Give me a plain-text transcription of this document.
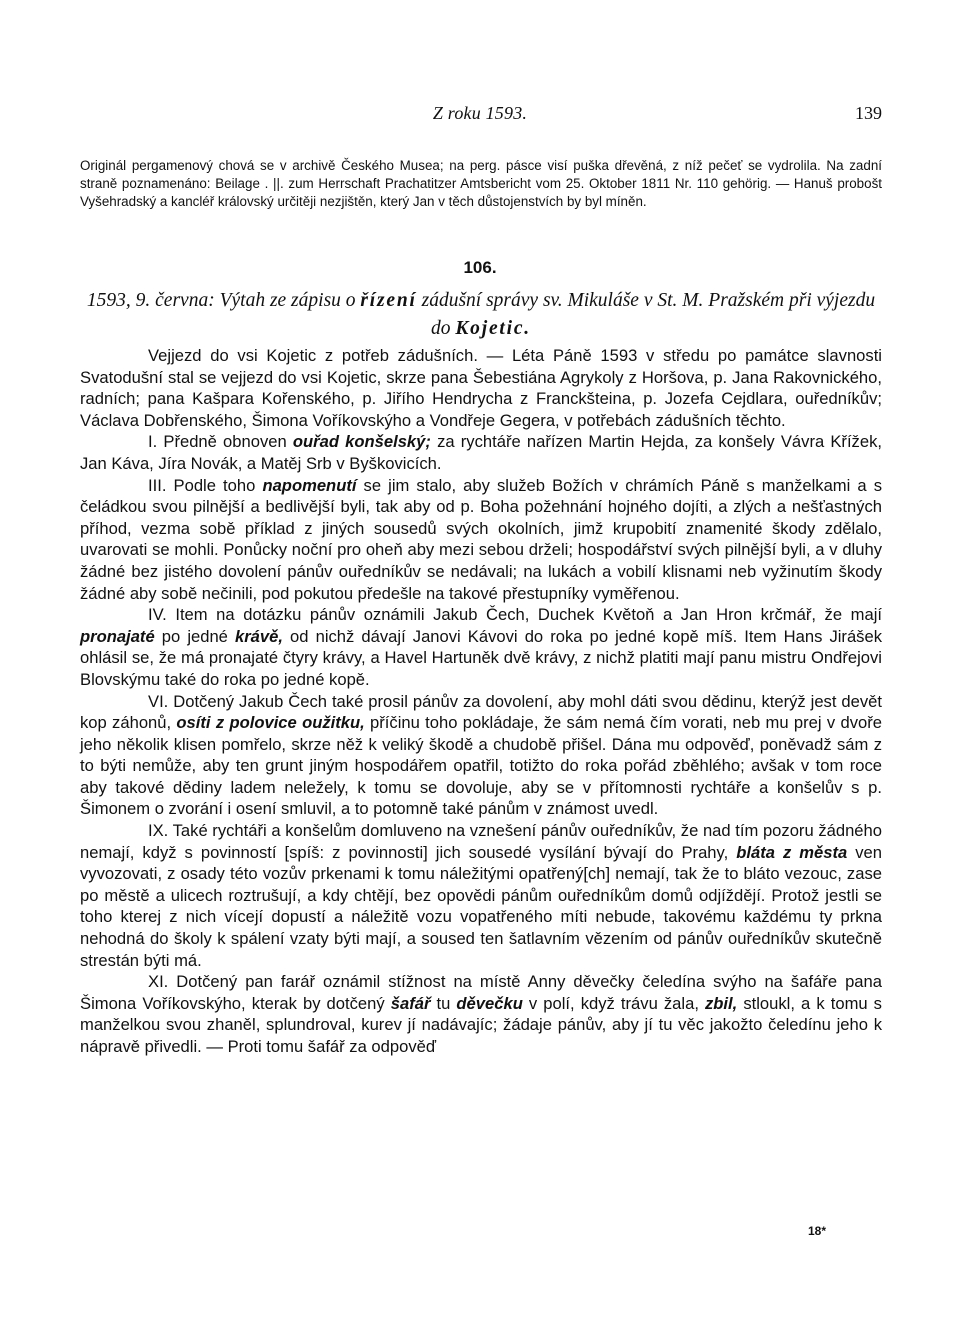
Z roku 1593.	139

Originál pergamenový chová se v archivě Českého Musea; na perg. pásce visí puška dřevěná, z níž pečeť se vydrolila. Na zadní straně poznamenáno: Beilage . ||. zum Herrschaft Prachatitzer Amtsbericht vom 25. Oktober 1811 Nr. 110 gehörig. — Hanuš probošt Vyšehradský a kancléř královský určitěji nezjištěn, který Jan v těch důstojenstvích by byl míněn.

106.
1593, 9. června: Výtah ze zápisu o řízení zádušní správy sv. Mikuláše v St. M. Pražském při výjezdu do Kojetic.

Vejjezd do vsi Kojetic z potřeb zádušních. — Léta Páně 1593 v středu po památce slavnosti Svatodušní stal se vejjezd do vsi Kojetic, skrze pana Šebestiána Agrykoly z Horšova, p. Jana Rakovnického, radních; pana Kašpara Kořenského, p. Jiřího Hendrycha z Franckšteina, p. Jozefa Cejdlara, ouředníkův; Václava Dobřenského, Šimona Voříkovskýho a Vondřeje Gegera, v potřebách zádušních těchto.

I. Předně obnoven ouřad konšelský; za rychtáře nařízen Martin Hejda, za konšely Vávra Křížek, Jan Káva, Jíra Novák, a Matěj Srb v Byškovicích.

III. Podle toho napomenutí se jim stalo, aby služeb Božích v chrámích Páně s manželkami a s čeládkou svou pilnější a bedlivější byli, tak aby od p. Boha požehnání hojného dojíti, a zlých a nešťastných příhod, vezma sobě příklad z jiných sousedů svých okolních, jimž krupobití znamenité škody zdělalo, uvarovati se mohli. Ponůcky noční pro oheň aby mezi sebou drželi; hospodářství svých pilnější byli, a v dluhy žádné bez jistého dovolení pánův ouředníkův se nedávali; na lukách a vobilí klisnami neb vyžinutím škody žádné aby sobě nečinili, pod pokutou předešle na takové přestupníky vyměřenou.

IV. Item na dotázku pánův oznámili Jakub Čech, Duchek Květoň a Jan Hron krčmář, že mají pronajaté po jedné krávě, od nichž dávají Janovi Kávovi do roka po jedné kopě míš. Item Hans Jirášek ohlásil se, že má pronajaté čtyry krávy, a Havel Hartuněk dvě krávy, z nichž platiti mají panu mistru Ondřejovi Blovskýmu také do roka po jedné kopě.

VI. Dotčený Jakub Čech také prosil pánův za dovolení, aby mohl dáti svou dědinu, kterýž jest devět kop záhonů, osíti z polovice oužitku, příčinu toho pokládaje, že sám nemá čím vorati, neb mu prej v dvoře jeho několik klisen pomřelo, skrze něž k veliký škodě a chudobě přišel. Dána mu odpověď, poněvadž sám z to býti nemůže, aby ten grunt jiným hospodářem opatřil, totižto do roka pořád zběhlého; avšak v tom roce aby takové dědiny ladem neležely, k tomu se dovoluje, aby se v přítomnosti rychtáře a konšelův s p. Šimonem o zvorání i osení smluvil, a to potomně také pánům v známost uvedl.

IX. Také rychtáři a konšelům domluveno na vznešení pánův ouředníkův, že nad tím pozoru žádného nemají, když s povinností [spíš: z povinnosti] jich sousedé vysílání bývají do Prahy, bláta z města ven vyvozovati, z osady této vozův prkenami k tomu náležitými opatřený[ch] nemají, tak že to bláto vezouc, zase po městě a ulicech roztrušují, a kdy chtějí, bez opovědi pánům ouředníkům domů odjíždějí. Protož jestli se toho kterej z nich vícejí dopustí a náležitě vozu vopatřeného míti nebude, takovému každému ty prkna nehodná do školy k spálení vzaty býti mají, a soused ten šatlavním vězením od pánův ouředníkův skutečně strestán býti má.

XI. Dotčený pan farář oznámil stížnost na místě Anny děvečky čeledína svýho na šafáře pana Šimona Voříkovskýho, kterak by dotčený šafář tu děvečku v polí, když trávu žala, zbil, stloukl, a k tomu s manželkou svou zhaněl, splundroval, kurev jí nadávajíc; žádaje pánův, aby jí tu věc jakožto čeledínu jeho k nápravě přivedli. — Proti tomu šafář za odpověď

18*
